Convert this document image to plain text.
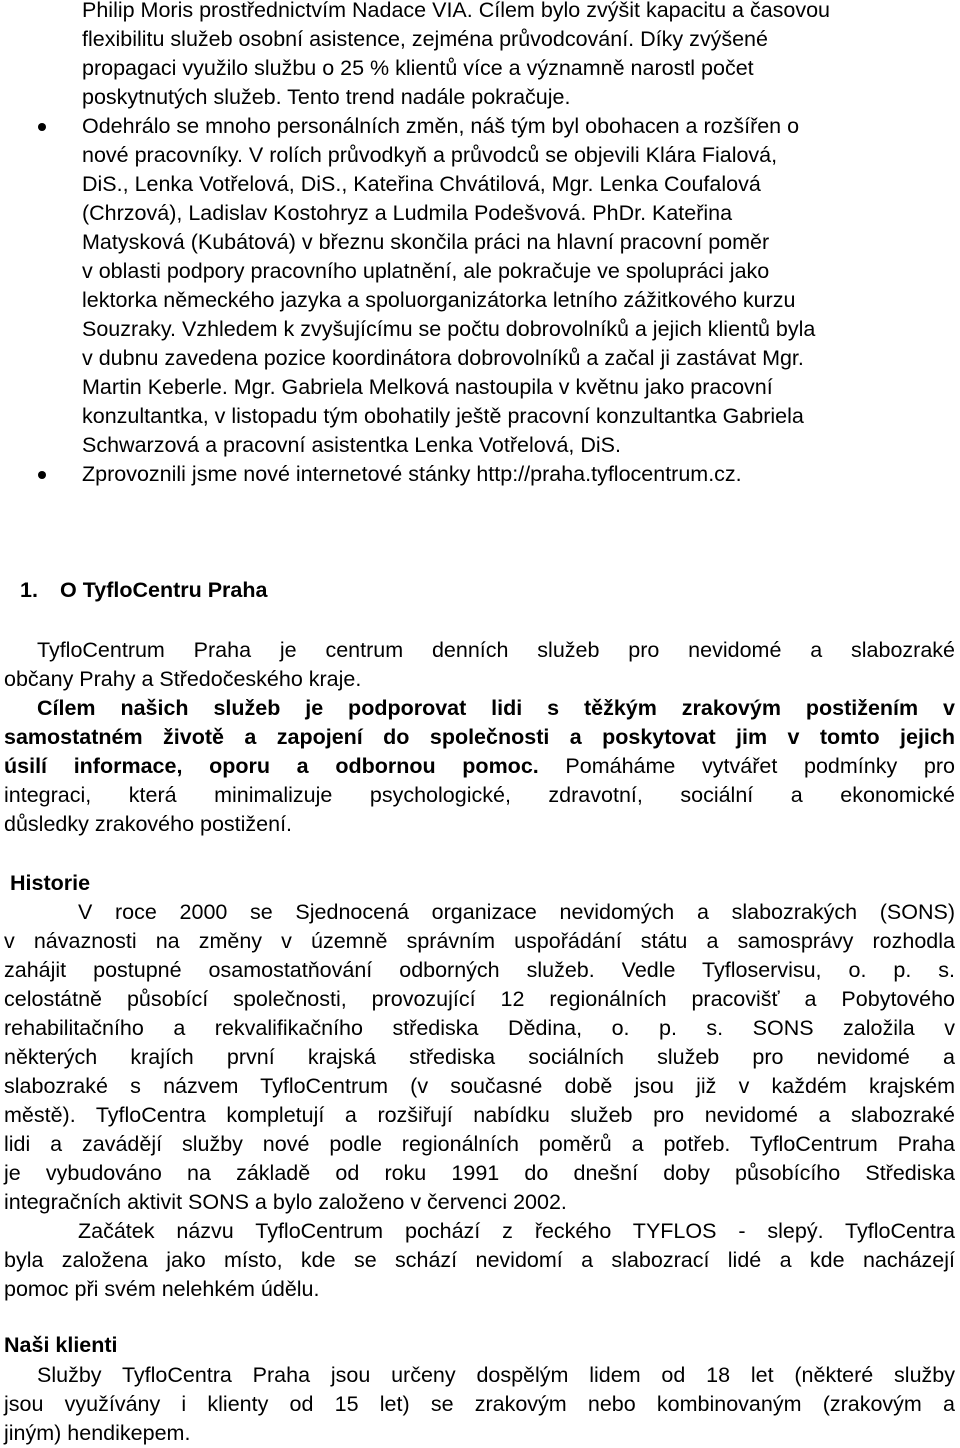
Philip Moris prostřednictvím Nadace VIA. Cílem bylo zvýšit kapacitu a časovou
flexibilitu služeb osobní asistence, zejména průvodcování. Díky zvýšené
propagaci využilo službu o 25 % klientů více a významně narostl počet
poskytnutých služeb. Tento trend nadále pokračuje.
Odehrálo se mnoho personálních změn, náš tým byl obohacen a rozšířen o
nové pracovníky. V rolích průvodkyň a průvodců se objevili Klára Fialová,
DiS., Lenka Votřelová, DiS., Kateřina Chvátilová, Mgr. Lenka Coufalová
(Chrzová), Ladislav Kostohryz a Ludmila Podešvová. PhDr. Kateřina
Matysková (Kubátová) v březnu skončila práci na hlavní pracovní poměr
v oblasti podpory pracovního uplatnění, ale pokračuje ve spolupráci jako
lektorka německého jazyka a spoluorganizátorka letního zážitkového kurzu
Souzraky. Vzhledem k zvyšujícímu se počtu dobrovolníků a jejich klientů byla
v dubnu zavedena pozice koordinátora dobrovolníků a začal ji zastávat Mgr.
Martin Keberle. Mgr. Gabriela Melková nastoupila v květnu jako pracovní
konzultantka, v listopadu tým obohatily ještě pracovní konzultantka Gabriela
Schwarzová a pracovní asistentka Lenka Votřelová, DiS.
Zprovoznili jsme nové internetové stánky http://praha.tyflocentrum.cz.
1. O TyfloCentru Praha
TyfloCentrum Praha je centrum denních služeb pro nevidomé a slabozraké
občany Prahy a Středočeského kraje.
Cílem našich služeb je podporovat lidi s těžkým zrakovým postižením v
samostatném životě a zapojení do společnosti a poskytovat jim v tomto jejich
úsilí informace, oporu a odbornou pomoc. Pomáháme vytvářet podmínky pro
integraci, která minimalizuje psychologické, zdravotní, sociální a ekonomické
důsledky zrakového postižení.
Historie
V roce 2000 se Sjednocená organizace nevidomých a slabozrakých (SONS)
v návaznosti na změny v územně správním uspořádání státu a samosprávy rozhodla
zahájit postupné osamostatňování odborných služeb. Vedle Tyfloservisu, o. p. s.
celostátně působící společnosti, provozující 12 regionálních pracovišť a Pobytového
rehabilitačního a rekvalifikačního střediska Dědina, o. p. s. SONS založila v
některých krajích první krajská střediska sociálních služeb pro nevidomé a
slabozraké s názvem TyfloCentrum (v současné době jsou již v každém krajském
městě). TyfloCentra kompletují a rozšiřují nabídku služeb pro nevidomé a slabozraké
lidi a zavádějí služby nové podle regionálních poměrů a potřeb. TyfloCentrum Praha
je vybudováno na základě od roku 1991 do dnešní doby působícího Střediska
integračních aktivit SONS a bylo založeno v červenci 2002.
Začátek názvu TyfloCentrum pochází z řeckého TYFLOS - slepý. TyfloCentra
byla založena jako místo, kde se schází nevidomí a slabozrací lidé a kde nacházejí
pomoc při svém nelehkém údělu.
Naši klienti
Služby TyfloCentra Praha jsou určeny dospělým lidem od 18 let (některé služby
jsou využívány i klienty od 15 let) se zrakovým nebo kombinovaným (zrakovým a
jiným) hendikepem.
